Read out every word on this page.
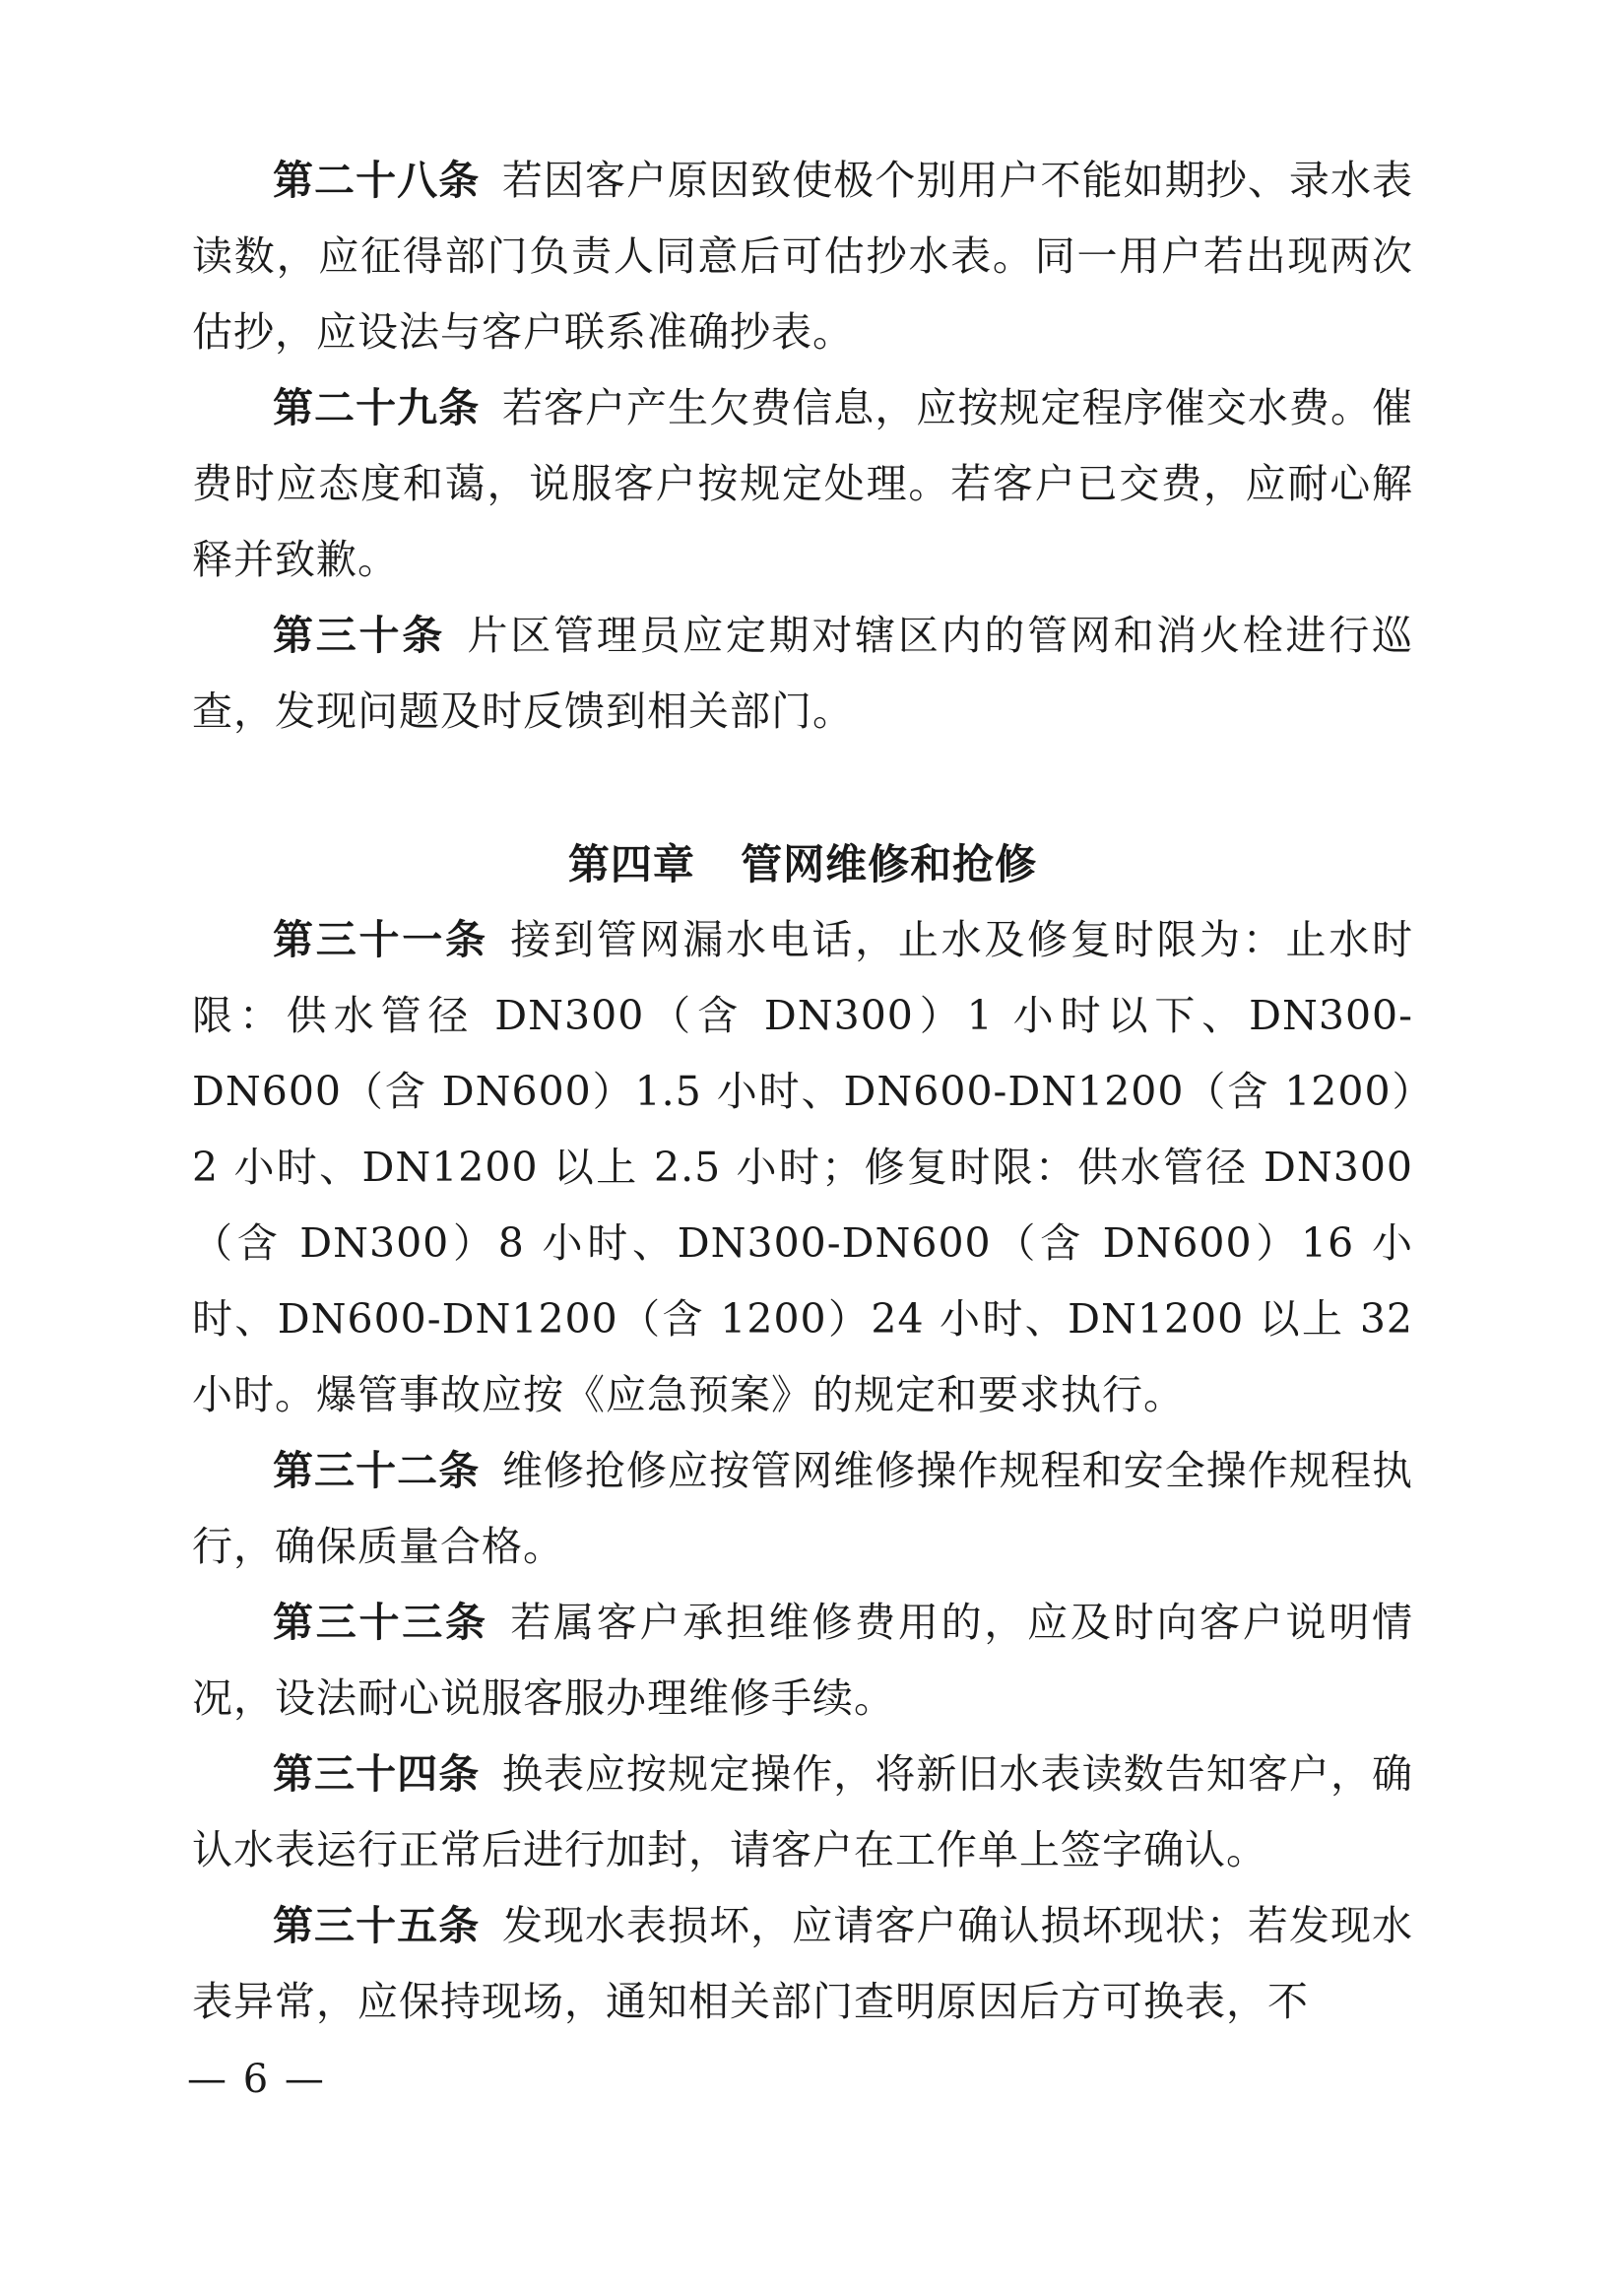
第二十八条 若因客户原因致使极个别用户不能如期抄、录水表读数，应征得部门负责人同意后可估抄水表。同一用户若出现两次估抄，应设法与客户联系准确抄表。

第二十九条 若客户产生欠费信息，应按规定程序催交水费。催费时应态度和蔼，说服客户按规定处理。若客户已交费，应耐心解释并致歉。

第三十条 片区管理员应定期对辖区内的管网和消火栓进行巡查，发现问题及时反馈到相关部门。

第四章 管网维修和抢修

第三十一条 接到管网漏水电话，止水及修复时限为：止水时限：供水管径 DN300（含 DN300）1 小时以下、DN300-DN600（含 DN600）1.5 小时、DN600-DN1200（含 1200）2 小时、DN1200 以上 2.5 小时；修复时限：供水管径 DN300（含 DN300）8 小时、DN300-DN600（含 DN600）16 小时、DN600-DN1200（含 1200）24 小时、DN1200 以上 32 小时。爆管事故应按《应急预案》的规定和要求执行。

第三十二条 维修抢修应按管网维修操作规程和安全操作规程执行，确保质量合格。

第三十三条 若属客户承担维修费用的，应及时向客户说明情况，设法耐心说服客服办理维修手续。

第三十四条 换表应按规定操作，将新旧水表读数告知客户，确认水表运行正常后进行加封，请客户在工作单上签字确认。

第三十五条 发现水表损坏，应请客户确认损坏现状；若发现水表异常，应保持现场，通知相关部门查明原因后方可换表，不

— 6 —
